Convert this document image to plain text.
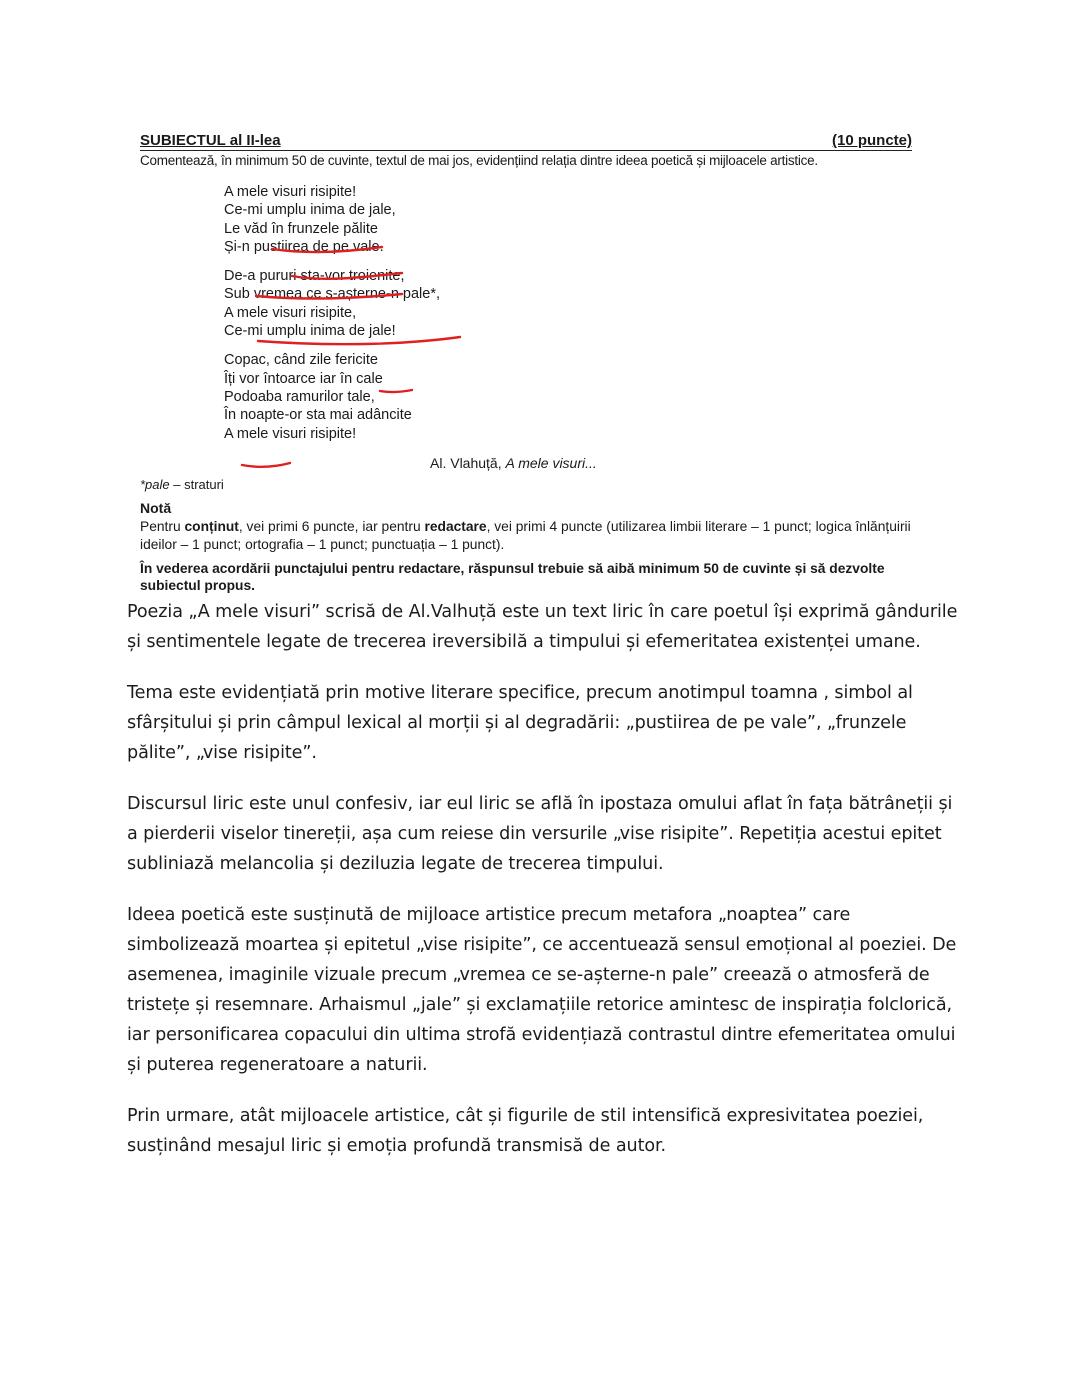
SUBIECTUL al II-lea	(10 puncte)
Comentează, în minimum 50 de cuvinte, textul de mai jos, evidențiind relația dintre ideea poetică și mijloacele artistice.
A mele visuri risipite!
Ce-mi umplu inima de jale,
Le văd în frunzele pălite
Și-n pustiirea de pe vale.
De-a pururi sta-vor troienite,
Sub vremea ce s-așterne-n pale*,
A mele visuri risipite,
Ce-mi umplu inima de jale!
Copac, când zile fericite
Îți vor întoarce iar în cale
Podoaba ramurilor tale,
În noapte-or sta mai adâncite
A mele visuri risipite!
Al. Vlahuță, A mele visuri...
*pale – straturi
Notă
Pentru conținut, vei primi 6 puncte, iar pentru redactare, vei primi 4 puncte (utilizarea limbii literare – 1 punct; logica înlănțuirii ideilor – 1 punct; ortografia – 1 punct; punctuația – 1 punct).
În vederea acordării punctajului pentru redactare, răspunsul trebuie să aibă minimum 50 de cuvinte și să dezvolte subiectul propus.

Poezia „A mele visuri” scrisă de Al.Valhuță este un text liric în care poetul își exprimă gândurile și sentimentele legate de trecerea ireversibilă a timpului și efemeritatea existenței umane.

Tema este evidențiată prin motive literare specifice, precum anotimpul toamna , simbol al sfârșitului și prin câmpul lexical al morții și al degradării: „pustiirea de pe vale”, „frunzele pălite”, „vise risipite”.

Discursul liric este unul confesiv, iar eul liric se află în ipostaza omului aflat în fața bătrâneții și a pierderii viselor tinereții, așa cum reiese din versurile „vise risipite”. Repetiția acestui epitet subliniază melancolia și deziluzia legate de trecerea timpului.

Ideea poetică este susținută de mijloace artistice precum metafora „noaptea” care simbolizează moartea și epitetul „vise risipite”, ce accentuează sensul emoțional al poeziei. De asemenea, imaginile vizuale precum „vremea ce se-așterne-n pale” creează o atmosferă de tristețe și resemnare. Arhaismul „jale” și exclamațiile retorice amintesc de inspirația folclorică, iar personificarea copacului din ultima strofă evidențiază contrastul dintre efemeritatea omului și puterea regeneratoare a naturii.

Prin urmare, atât mijloacele artistice, cât și figurile de stil intensifică expresivitatea poeziei, susținând mesajul liric și emoția profundă transmisă de autor.
